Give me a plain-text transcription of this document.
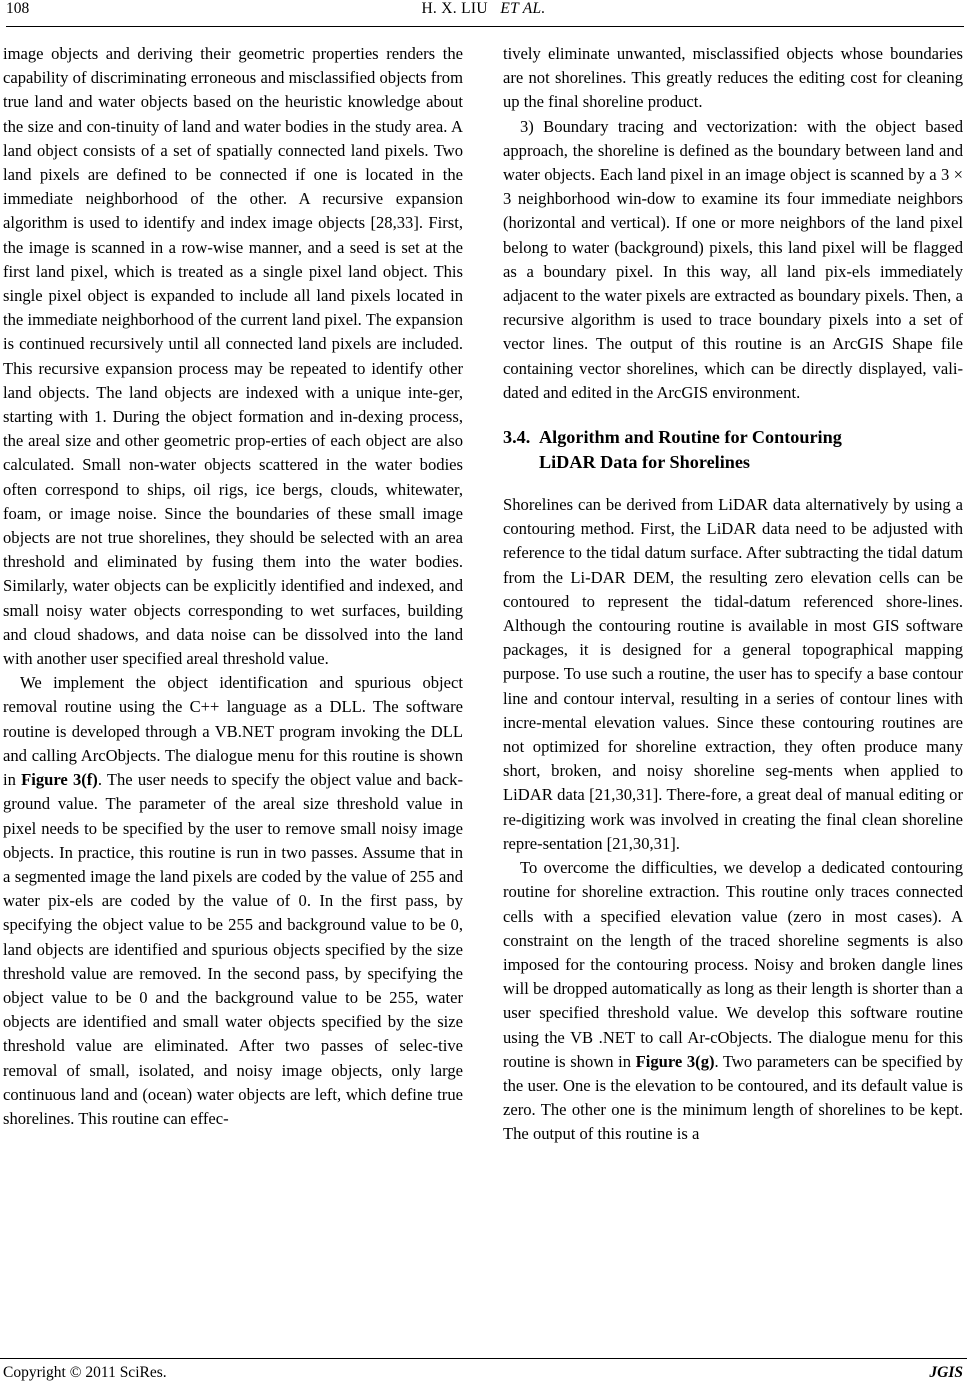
108	H. X. LIU ET AL.

image objects and deriving their geometric properties renders the capability of discriminating erroneous and misclassified objects from true land and water objects based on the heuristic knowledge about the size and con-tinuity of land and water bodies in the study area. A land object consists of a set of spatially connected land pixels. Two land pixels are defined to be connected if one is located in the immediate neighborhood of the other. A recursive expansion algorithm is used to identify and index image objects [28,33]. First, the image is scanned in a row-wise manner, and a seed is set at the first land pixel, which is treated as a single pixel land object. This single pixel object is expanded to include all land pixels located in the immediate neighborhood of the current land pixel. The expansion is continued recursively until all connected land pixels are included. This recursive expansion process may be repeated to identify other land objects. The land objects are indexed with a unique inte-ger, starting with 1. During the object formation and in-dexing process, the areal size and other geometric prop-erties of each object are also calculated. Small non-water objects scattered in the water bodies often correspond to ships, oil rigs, ice bergs, clouds, whitewater, foam, or image noise. Since the boundaries of these small image objects are not true shorelines, they should be selected with an area threshold and eliminated by fusing them into the water bodies. Similarly, water objects can be explicitly identified and indexed, and small noisy water objects corresponding to wet surfaces, building and cloud shadows, and data noise can be dissolved into the land with another user specified areal threshold value.

We implement the object identification and spurious object removal routine using the C++ language as a DLL. The software routine is developed through a VB.NET program invoking the DLL and calling ArcObjects. The dialogue menu for this routine is shown in Figure 3(f). The user needs to specify the object value and back-ground value. The parameter of the areal size threshold value in pixel needs to be specified by the user to remove small noisy image objects. In practice, this routine is run in two passes. Assume that in a segmented image the land pixels are coded by the value of 255 and water pix-els are coded by the value of 0. In the first pass, by specifying the object value to be 255 and background value to be 0, land objects are identified and spurious objects specified by the size threshold value are removed. In the second pass, by specifying the object value to be 0 and the background value to be 255, water objects are identified and small water objects specified by the size threshold value are eliminated. After two passes of selec-tive removal of small, isolated, and noisy image objects, only large continuous land and (ocean) water objects are left, which define true shorelines. This routine can effec-

tively eliminate unwanted, misclassified objects whose boundaries are not shorelines. This greatly reduces the editing cost for cleaning up the final shoreline product.

3) Boundary tracing and vectorization: with the object based approach, the shoreline is defined as the boundary between land and water objects. Each land pixel in an image object is scanned by a 3 × 3 neighborhood win-dow to examine its four immediate neighbors (horizontal and vertical). If one or more neighbors of the land pixel belong to water (background) pixels, this land pixel will be flagged as a boundary pixel. In this way, all land pix-els immediately adjacent to the water pixels are extracted as boundary pixels. Then, a recursive algorithm is used to trace boundary pixels into a set of vector lines. The output of this routine is an ArcGIS Shape file containing vector shorelines, which can be directly displayed, vali-dated and edited in the ArcGIS environment.

3.4. Algorithm and Routine for Contouring
LiDAR Data for Shorelines

Shorelines can be derived from LiDAR data alternatively by using a contouring method. First, the LiDAR data need to be adjusted with reference to the tidal datum surface. After subtracting the tidal datum from the Li-DAR DEM, the resulting zero elevation cells can be contoured to represent the tidal-datum referenced shore-lines. Although the contouring routine is available in most GIS software packages, it is designed for a general topographical mapping purpose. To use such a routine, the user has to specify a base contour line and contour interval, resulting in a series of contour lines with incre-mental elevation values. Since these contouring routines are not optimized for shoreline extraction, they often produce many short, broken, and noisy shoreline seg-ments when applied to LiDAR data [21,30,31]. There-fore, a great deal of manual editing or re-digitizing work was involved in creating the final clean shoreline repre-sentation [21,30,31].

To overcome the difficulties, we develop a dedicated contouring routine for shoreline extraction. This routine only traces connected cells with a specified elevation value (zero in most cases). A constraint on the length of the traced shoreline segments is also imposed for the contouring process. Noisy and broken dangle lines will be dropped automatically as long as their length is shorter than a user specified threshold value. We develop this software routine using the VB .NET to call Ar-cObjects. The dialogue menu for this routine is shown in Figure 3(g). Two parameters can be specified by the user. One is the elevation to be contoured, and its default value is zero. The other one is the minimum length of shorelines to be kept. The output of this routine is a

Copyright © 2011 SciRes.	JGIS
